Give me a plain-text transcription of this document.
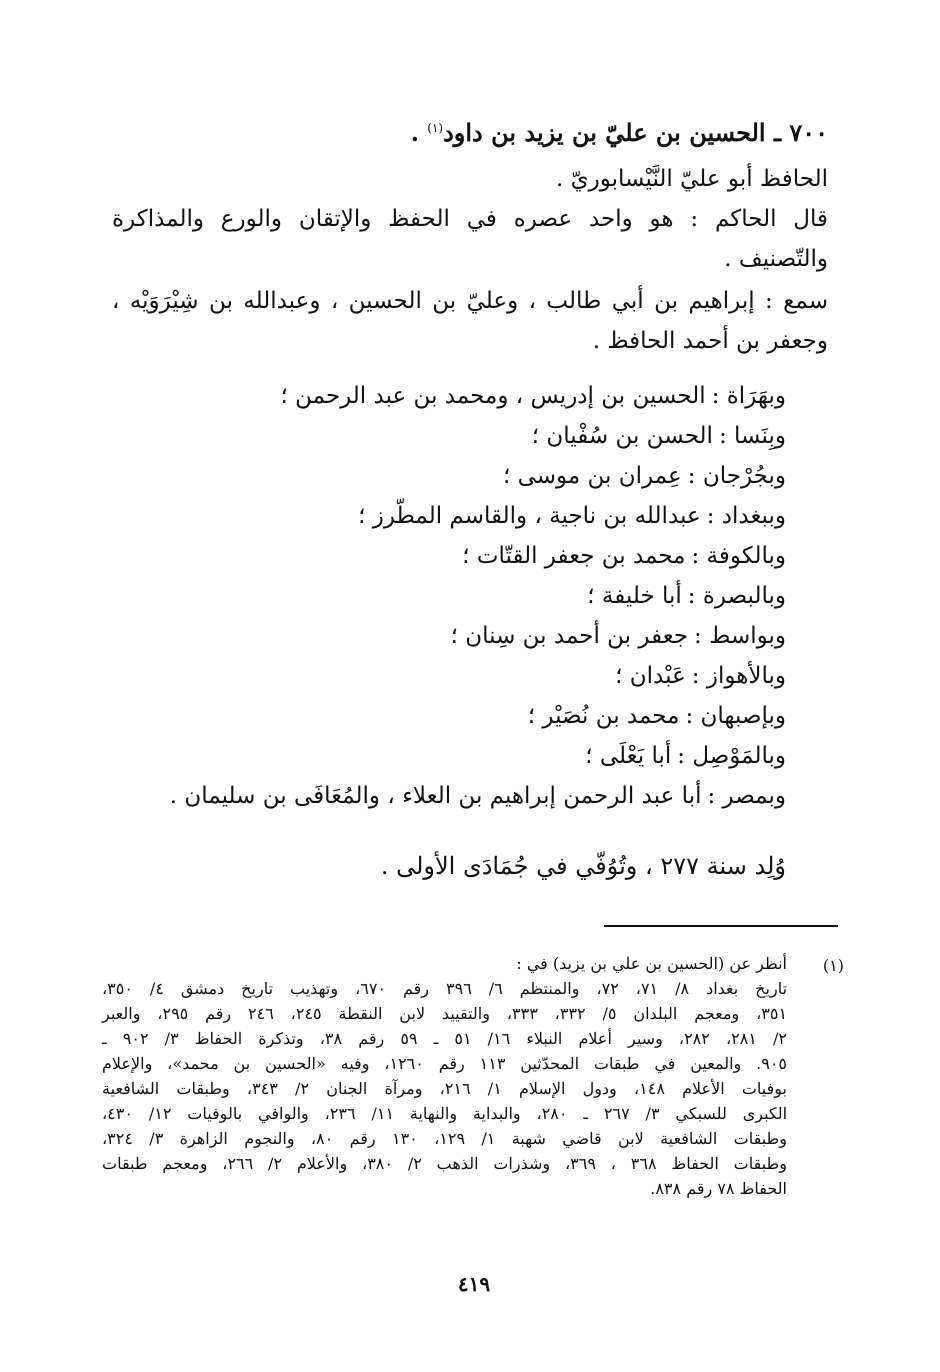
٧٠٠ ـ الحسين بن عليّ بن يزيد بن داود$^{(١)}$ .
الحافظ أبو عليّ النَّيْسابوريّ .
قال الحاكم : هو واحد عصره في الحفظ والإتقان والورع والمذاكرة
والتّصنيف .
سمع : إبراهيم بن أبي طالب ، وعليّ بن الحسين ، وعبدالله بن شِيْرَوَيْه ،
وجعفر بن أحمد الحافظ .
وبهَرَاة :الحسين بن إدريس ، ومحمد بن عبد الرحمن ؛
وبِنَسا :الحسن بن سُفْيان ؛
وبجُرْجان :عِمران بن موسى ؛
وببغداد :عبدالله بن ناجية ، والقاسم المطّرز ؛
وبالكوفة :محمد بن جعفر القتّات ؛
وبالبصرة :أبا خليفة ؛
وبواسط :جعفر بن أحمد بن سِنان ؛
وبالأهواز :عَبْدان ؛
وبإصبهان :محمد بن نُصَيْر ؛
وبالمَوْصِل :أبا يَعْلَى ؛
وبمصر :أبا عبد الرحمن إبراهيم بن العلاء ، والمُعَافَى بن سليمان .
وُلِد سنة ٢٧٧ ، وتُوُفّي في جُمَادَى الأولى .
(١)
أنظر عن (الحسين بن علي بن يزيد) في :
تاريخ بغداد ٨/ ٧١، ٧٢، والمنتظم ٦/ ٣٩٦ رقم ٦٧٠، وتهذيب تاريخ دمشق ٤/ ٣٥٠،
٣٥١، ومعجم البلدان ٥/ ٣٣٢، ٣٣٣، والتقييد لابن النقطة ٢٤٥، ٢٤٦ رقم ٢٩٥، والعبر
٢/ ٢٨١، ٢٨٢، وسير أعلام النبلاء ١٦/ ٥١ ـ ٥٩ رقم ٣٨، وتذكرة الحفاظ ٣/ ٩٠٢ ـ
٩٠٥. والمعين في طبقات المحدّثين ١١٣ رقم ١٢٦٠، وفيه «الحسين بن محمد»، والإعلام
بوفيات الأعلام ١٤٨، ودول الإسلام ١/ ٢١٦، ومرآة الجنان ٢/ ٣٤٣، وطبقات الشافعية
الكبرى للسبكي ٣/ ٢٦٧ ـ ٢٨٠، والبداية والنهاية ١١/ ٢٣٦، والوافي بالوفيات ١٢/ ٤٣٠،
وطبقات الشافعية لابن قاضي شهبة ١/ ١٢٩، ١٣٠ رقم ٨٠، والنجوم الزاهرة ٣/ ٣٢٤،
وطبقات الحفاظ ٣٦٨ ، ٣٦٩، وشذرات الذهب ٢/ ٣٨٠، والأعلام ٢/ ٢٦٦، ومعجم طبقات
الحفاظ ٧٨ رقم ٨٣٨.
٤١٩
